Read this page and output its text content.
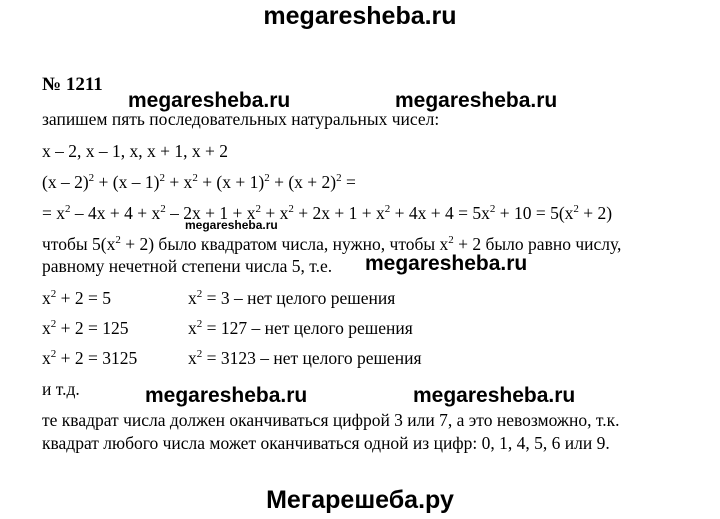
megaresheba.ru
megaresheba.ru	megaresheba.ru
megaresheba.ru
megaresheba.ru
megaresheba.ru	megaresheba.ru
№ 1211
запишем пять последовательных натуральных чисел:
x – 2, x – 1, x, x + 1, x + 2
$(x - 2)^2 + (x - 1)^2 + x^2 + (x + 1)^2 + (x + 2)^2$ =
= $x^2 - 4x + 4 + x^2 - 2x + 1 + x^2 + x^2 + 2x + 1 + x^2 + 4x + 4 = 5x^2 + 10 = 5(x^2 + 2)$
чтобы $5(x^2 + 2)$ было квадратом числа, нужно, чтобы $x^2 + 2$ было равно числу,
равному нечетной степени числа 5, т.е.
$x^2 + 2 = 5$	$x^2 = 3$ – нет целого решения
$x^2 + 2 = 125$	$x^2 = 127$ – нет целого решения
$x^2 + 2 = 3125$	$x^2 = 3123$ – нет целого решения
и т.д.
те квадрат числа должен оканчиваться цифрой 3 или 7, а это невозможно, т.к.
квадрат любого числа может оканчиваться одной из цифр: 0, 1, 4, 5, 6 или 9.
Мегарешеба.ру
